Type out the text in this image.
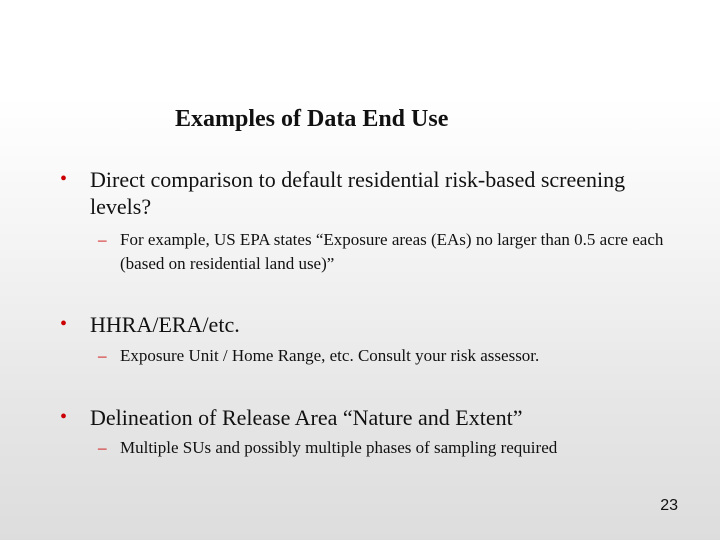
Examples of Data End Use
• Direct comparison to default residential risk-based screening levels?
– For example, US EPA states “Exposure areas (EAs) no larger than 0.5 acre each (based on residential land use)”
• HHRA/ERA/etc.
– Exposure Unit / Home Range, etc. Consult your risk assessor.
• Delineation of Release Area “Nature and Extent”
– Multiple SUs and possibly multiple phases of sampling required
23
